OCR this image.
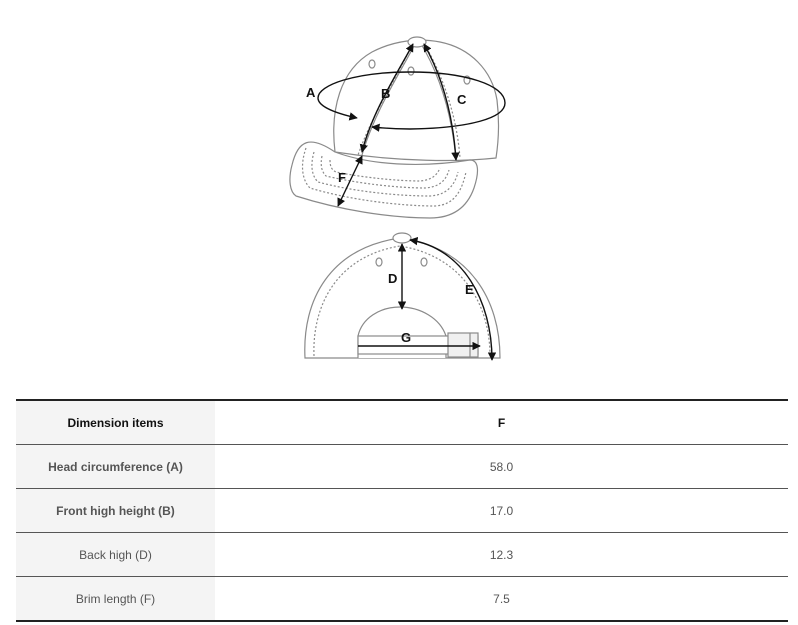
A	B	C
F
D
E
G
Dimension items	F
Head circumference (A)	58.0
Front high height (B)	17.0
Back high (D)	12.3
Brim length (F)	7.5
